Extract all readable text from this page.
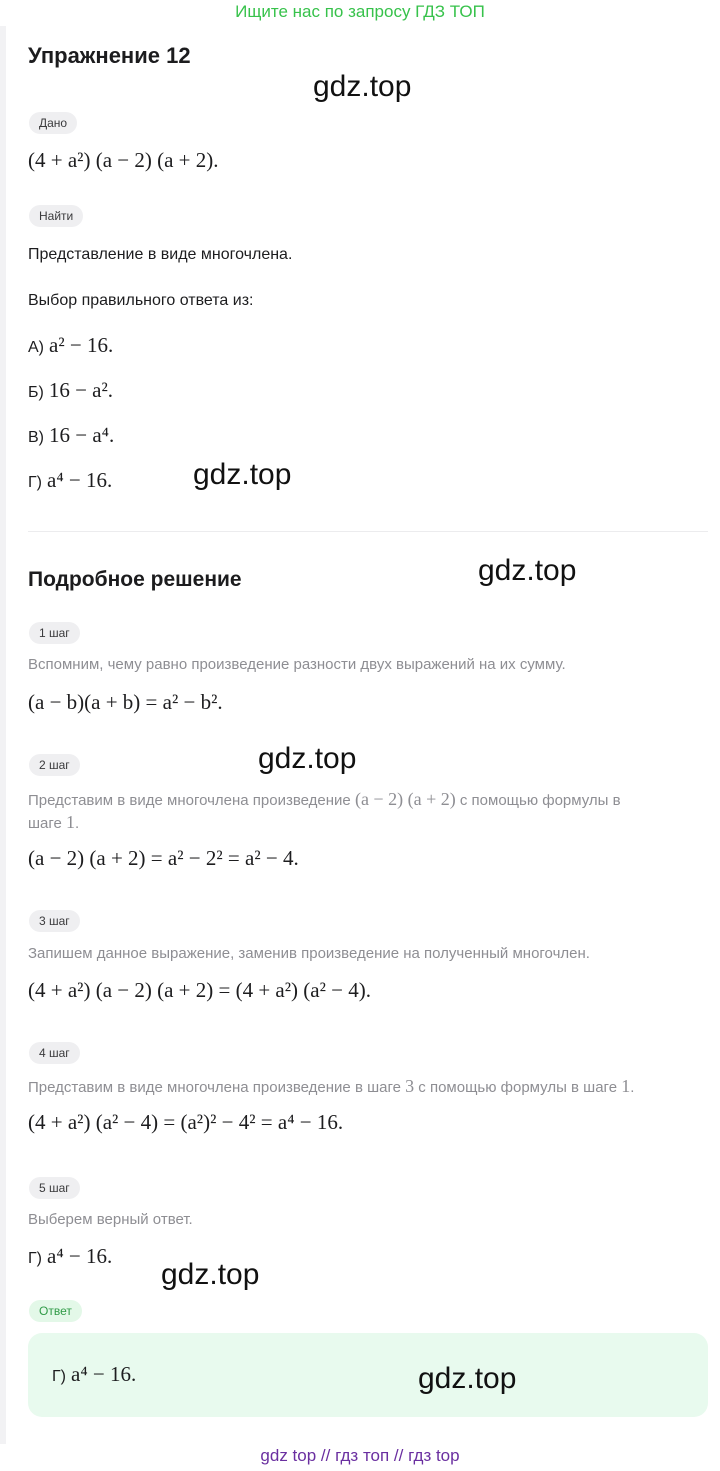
Ищите нас по запросу ГДЗ ТОП
Упражнение 12
gdz.top
Дано
(4 + a²) (a − 2) (a + 2).
Найти
Представление в виде многочлена.
Выбор правильного ответа из:
А) a² − 16.
Б) 16 − a².
В) 16 − a⁴.
Г) a⁴ − 16.	gdz.top
Подробное решение	gdz.top
1 шаг
Вспомним, чему равно произведение разности двух выражений на их сумму.
(a − b)(a + b) = a² − b².
gdz.top
2 шаг
Представим в виде многочлена произведение (a − 2) (a + 2) с помощью формулы в
шаге 1.
(a − 2) (a + 2) = a² − 2² = a² − 4.
3 шаг
Запишем данное выражение, заменив произведение на полученный многочлен.
(4 + a²) (a − 2) (a + 2) = (4 + a²) (a² − 4).
4 шаг
Представим в виде многочлена произведение в шаге 3 с помощью формулы в шаге 1.
(4 + a²) (a² − 4) = (a²)² − 4² = a⁴ − 16.
5 шаг
Выберем верный ответ.
Г) a⁴ − 16.
gdz.top
Ответ
Г) a⁴ − 16.	gdz.top
gdz top // гдз топ // гдз top
